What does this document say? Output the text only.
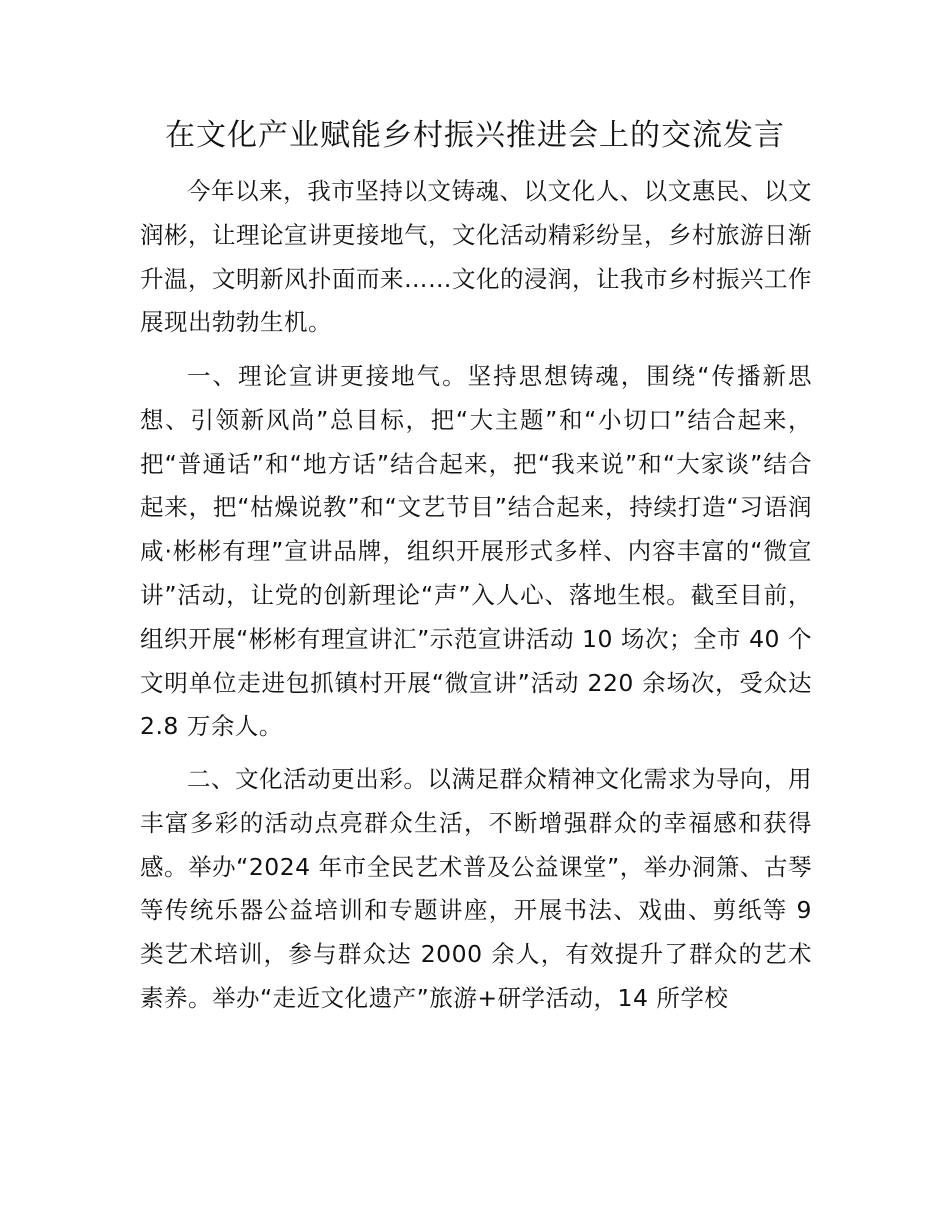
在文化产业赋能乡村振兴推进会上的交流发言

今年以来，我市坚持以文铸魂、以文化人、以文惠民、以文润彬，让理论宣讲更接地气，文化活动精彩纷呈，乡村旅游日渐升温，文明新风扑面而来……文化的浸润，让我市乡村振兴工作展现出勃勃生机。

一、理论宣讲更接地气。坚持思想铸魂，围绕“传播新思想、引领新风尚”总目标，把“大主题”和“小切口”结合起来，把“普通话”和“地方话”结合起来，把“我来说”和“大家谈”结合起来，把“枯燥说教”和“文艺节目”结合起来，持续打造“习语润咸·彬彬有理”宣讲品牌，组织开展形式多样、内容丰富的“微宣讲”活动，让党的创新理论“声”入人心、落地生根。截至目前，组织开展“彬彬有理宣讲汇”示范宣讲活动 10 场次；全市 40 个文明单位走进包抓镇村开展“微宣讲”活动 220 余场次，受众达 2.8 万余人。

二、文化活动更出彩。以满足群众精神文化需求为导向，用丰富多彩的活动点亮群众生活，不断增强群众的幸福感和获得感。举办“2024 年市全民艺术普及公益课堂”，举办洞箫、古琴等传统乐器公益培训和专题讲座，开展书法、戏曲、剪纸等 9 类艺术培训，参与群众达 2000 余人，有效提升了群众的艺术素养。举办“走近文化遗产”旅游+研学活动，14 所学校
